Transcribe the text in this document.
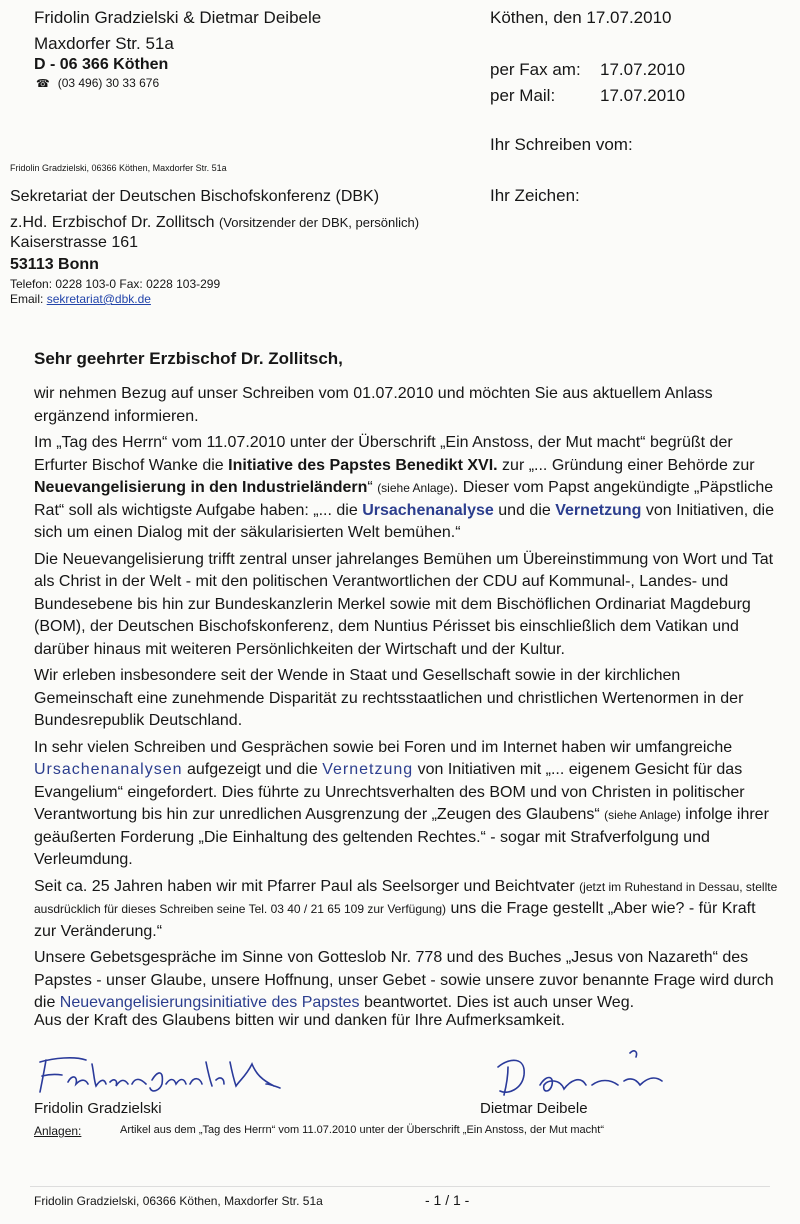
Fridolin Gradzielski & Dietmar Deibele
Maxdorfer Str. 51a
D - 06 366 Köthen
☎ (03 496) 30 33 676
Köthen, den 17.07.2010
per Fax am: 17.07.2010
per Mail:	17.07.2010
Ihr Schreiben vom:
Ihr Zeichen:
Fridolin Gradzielski, 06366 Köthen, Maxdorfer Str. 51a
Sekretariat der Deutschen Bischofskonferenz (DBK)
z.Hd. Erzbischof Dr. Zollitsch (Vorsitzender der DBK, persönlich)
Kaiserstrasse 161
53113 Bonn
Telefon: 0228 103-0 Fax: 0228 103-299
Email: sekretariat@dbk.de
Sehr geehrter Erzbischof Dr. Zollitsch,

wir nehmen Bezug auf unser Schreiben vom 01.07.2010 und möchten Sie aus aktuellem Anlass ergänzend informieren.

Im „Tag des Herrn“ vom 11.07.2010 unter der Überschrift „Ein Anstoss, der Mut macht“ begrüßt der Erfurter Bischof Wanke die Initiative des Papstes Benedikt XVI. zur „... Gründung einer Behörde zur Neuevangelisierung in den Industrieländern“ (siehe Anlage). Dieser vom Papst angekündigte „Päpstliche Rat“ soll als wichtigste Aufgabe haben: „... die Ursachenanalyse und die Vernetzung von Initiativen, die sich um einen Dialog mit der säkularisierten Welt bemühen.“

Die Neuevangelisierung trifft zentral unser jahrelanges Bemühen um Übereinstimmung von Wort und Tat als Christ in der Welt - mit den politischen Verantwortlichen der CDU auf Kommunal-, Landes- und Bundesebene bis hin zur Bundeskanzlerin Merkel sowie mit dem Bischöflichen Ordinariat Magdeburg (BOM), der Deutschen Bischofskonferenz, dem Nuntius Périsset bis einschließlich dem Vatikan und darüber hinaus mit weiteren Persönlichkeiten der Wirtschaft und der Kultur.

Wir erleben insbesondere seit der Wende in Staat und Gesellschaft sowie in der kirchlichen Gemeinschaft eine zunehmende Disparität zu rechtsstaatlichen und christlichen Wertenormen in der Bundesrepublik Deutschland.

In sehr vielen Schreiben und Gesprächen sowie bei Foren und im Internet haben wir umfangreiche Ursachenanalysen aufgezeigt und die Vernetzung von Initiativen mit „... eigenem Gesicht für das Evangelium“ eingefordert. Dies führte zu Unrechtsverhalten des BOM und von Christen in politischer Verantwortung bis hin zur unredlichen Ausgrenzung der „Zeugen des Glaubens“ (siehe Anlage) infolge ihrer geäußerten Forderung „Die Einhaltung des geltenden Rechtes.“ - sogar mit Strafverfolgung und Verleumdung.

Seit ca. 25 Jahren haben wir mit Pfarrer Paul als Seelsorger und Beichtvater (jetzt im Ruhestand in Dessau, stellte ausdrücklich für dieses Schreiben seine Tel. 03 40 / 21 65 109 zur Verfügung) uns die Frage gestellt „Aber wie? - für Kraft zur Veränderung.“

Unsere Gebetsgespräche im Sinne von Gotteslob Nr. 778 und des Buches „Jesus von Nazareth“ des Papstes - unser Glaube, unsere Hoffnung, unser Gebet - sowie unsere zuvor benannte Frage wird durch die Neuevangelisierungsinitiative des Papstes beantwortet. Dies ist auch unser Weg.

Aus der Kraft des Glaubens bitten wir und danken für Ihre Aufmerksamkeit.
Fridolin Gradzielski	Dietmar Deibele
Anlagen:	Artikel aus dem „Tag des Herrn“ vom 11.07.2010 unter der Überschrift „Ein Anstoss, der Mut macht“
Fridolin Gradzielski, 06366 Köthen, Maxdorfer Str. 51a	- 1 / 1 -
